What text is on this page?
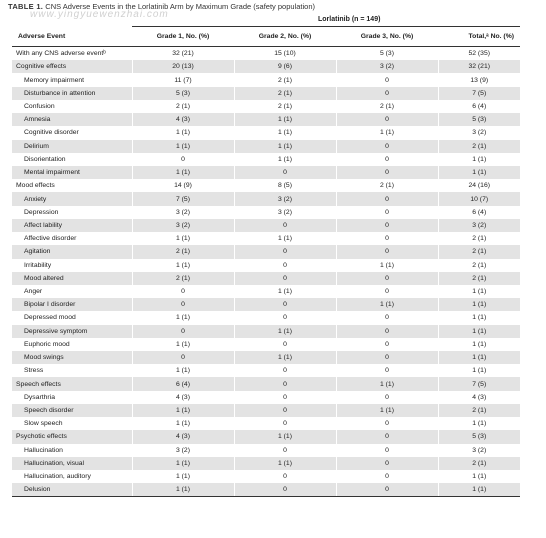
TABLE 1. CNS Adverse Events in the Lorlatinib Arm by Maximum Grade (safety population)
www.yingyuewenzhai.com	Lorlatinib (n = 149)
Adverse Event	Grade 1, No. (%)	Grade 2, No. (%)	Grade 3, No. (%)	Total,ᵃ No. (%)
With any CNS adverse eventᵇ	32 (21)	15 (10)	5 (3)	52 (35)
Cognitive effects	20 (13)	9 (6)	3 (2)	32 (21)
Memory impairment	11 (7)	2 (1)	0	13 (9)
Disturbance in attention	5 (3)	2 (1)	0	7 (5)
Confusion	2 (1)	2 (1)	2 (1)	6 (4)
Amnesia	4 (3)	1 (1)	0	5 (3)
Cognitive disorder	1 (1)	1 (1)	1 (1)	3 (2)
Delirium	1 (1)	1 (1)	0	2 (1)
Disorientation	0	1 (1)	0	1 (1)
Mental impairment	1 (1)	0	0	1 (1)
Mood effects	14 (9)	8 (5)	2 (1)	24 (16)
Anxiety	7 (5)	3 (2)	0	10 (7)
Depression	3 (2)	3 (2)	0	6 (4)
Affect lability	3 (2)	0	0	3 (2)
Affective disorder	1 (1)	1 (1)	0	2 (1)
Agitation	2 (1)	0	0	2 (1)
Irritability	1 (1)	0	1 (1)	2 (1)
Mood altered	2 (1)	0	0	2 (1)
Anger	0	1 (1)	0	1 (1)
Bipolar I disorder	0	0	1 (1)	1 (1)
Depressed mood	1 (1)	0	0	1 (1)
Depressive symptom	0	1 (1)	0	1 (1)
Euphoric mood	1 (1)	0	0	1 (1)
Mood swings	0	1 (1)	0	1 (1)
Stress	1 (1)	0	0	1 (1)
Speech effects	6 (4)	0	1 (1)	7 (5)
Dysarthria	4 (3)	0	0	4 (3)
Speech disorder	1 (1)	0	1 (1)	2 (1)
Slow speech	1 (1)	0	0	1 (1)
Psychotic effects	4 (3)	1 (1)	0	5 (3)
Hallucination	3 (2)	0	0	3 (2)
Hallucination, visual	1 (1)	1 (1)	0	2 (1)
Hallucination, auditory	1 (1)	0	0	1 (1)
Delusion	1 (1)	0	0	1 (1)
